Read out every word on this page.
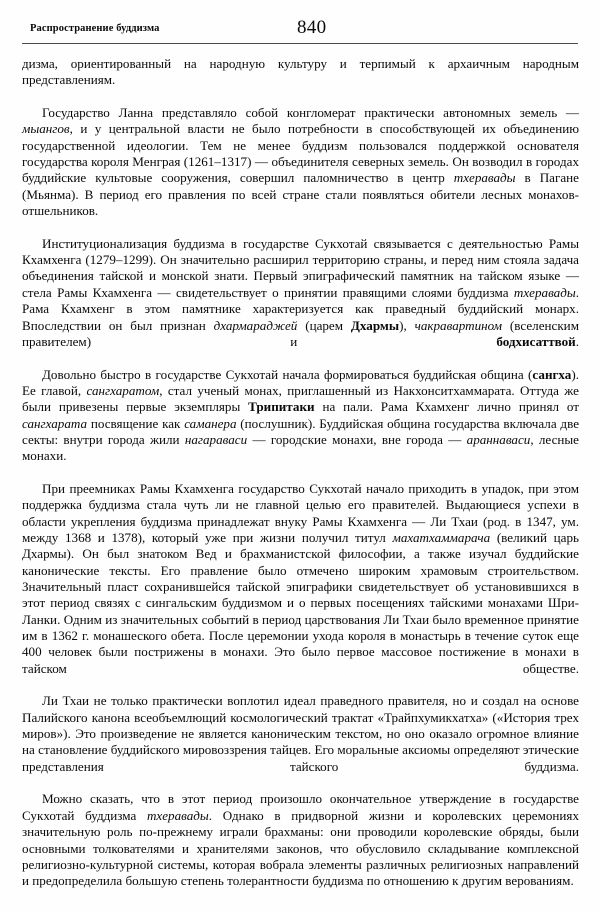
Распространение буддизма	840

дизма, ориентированный на народную культуру и терпимый к архаичным народным представлениям.

Государство Ланна представляло собой конгломерат практически автономных земель — мыангов, и у центральной власти не было потребности в способствующей их объединению государственной идеологии. Тем не менее буддизм пользовался поддержкой основателя государства короля Менграя (1261–1317) — объединителя северных земель. Он возводил в городах буддийские культовые сооружения, совершил паломничество в центр тхеравады в Пагане (Мьянма). В период его правления по всей стране стали появляться обители лесных монахов-отшельников.

Институционализация буддизма в государстве Сукхотай связывается с деятельностью Рамы Кхамхенга (1279–1299). Он значительно расширил территорию страны, и перед ним стояла задача объединения тайской и монской знати. Первый эпиграфический памятник на тайском языке — стела Рамы Кхамхенга — свидетельствует о принятии правящими слоями буддизма тхеравады. Рама Кхамхенг в этом памятнике характеризуется как праведный буддийский монарх. Впоследствии он был признан дхармараджей (царем Дхармы), чакравартином (вселенским правителем) и бодхисаттвой.

Довольно быстро в государстве Сукхотай начала формироваться буддийская община (сангха). Ее главой, сангхаратом, стал ученый монах, приглашенный из Накхонситхаммарата. Оттуда же были привезены первые экземпляры Трипитаки на пали. Рама Кхамхенг лично принял от сангхарата посвящение как саманера (послушник). Буддийская община государства включала две секты: внутри города жили нагараваси — городские монахи, вне города — араннаваси, лесные монахи.

При преемниках Рамы Кхамхенга государство Сукхотай начало приходить в упадок, при этом поддержка буддизма стала чуть ли не главной целью его правителей. Выдающиеся успехи в области укрепления буддизма принадлежат внуку Рамы Кхамхенга — Ли Тхаи (род. в 1347, ум. между 1368 и 1378), который уже при жизни получил титул махатхаммарача (великий царь Дхармы). Он был знатоком Вед и брахманистской философии, а также изучал буддийские канонические тексты. Его правление было отмечено широким храмовым строительством. Значительный пласт сохранившейся тайской эпиграфики свидетельствует об установившихся в этот период связях с сингальским буддизмом и о первых посещениях тайскими монахами Шри-Ланки. Одним из значительных событий в период царствования Ли Тхаи было временное принятие им в 1362 г. монашеского обета. После церемонии ухода короля в монастырь в течение суток еще 400 человек были пострижены в монахи. Это было первое массовое постижение в монахи в тайском обществе.

Ли Тхаи не только практически воплотил идеал праведного правителя, но и создал на основе Палийского канона всеобъемлющий космологический трактат «Трайпхумикхатха» («История трех миров»). Это произведение не является каноническим текстом, но оно оказало огромное влияние на становление буддийского мировоззрения тайцев. Его моральные аксиомы определяют этические представления тайского буддизма.

Можно сказать, что в этот период произошло окончательное утверждение в государстве Сукхотай буддизма тхеравады. Однако в придворной жизни и королевских церемониях значительную роль по-прежнему играли брахманы: они проводили королевские обряды, были основными толкователями и хранителями законов, что обусловило складывание комплексной религиозно-культурной системы, которая вобрала элементы различных религиозных направлений и предопределила большую степень толерантности буддизма по отношению к другим верованиям.
